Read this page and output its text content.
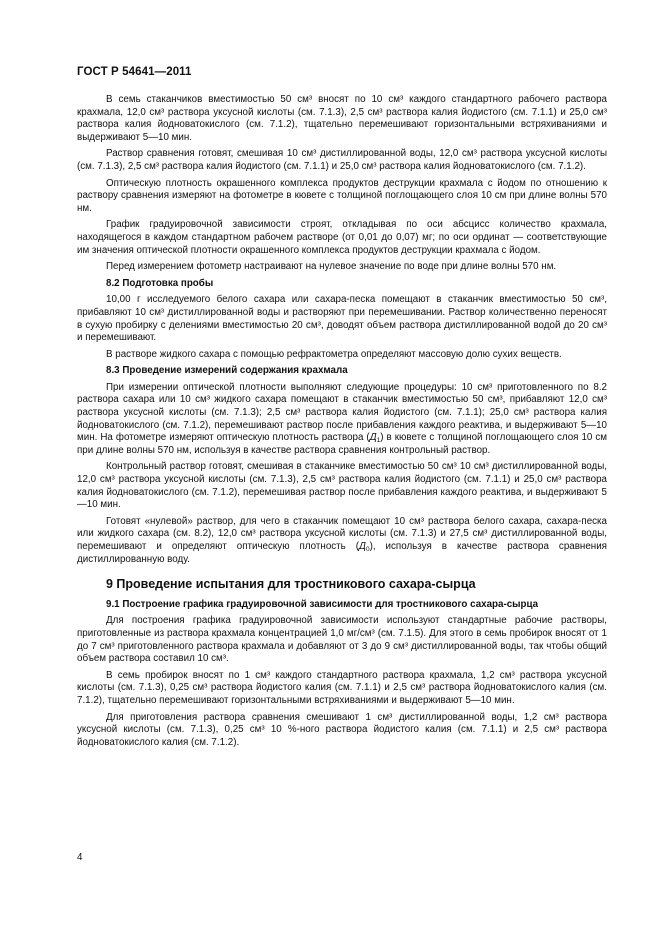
ГОСТ Р 54641—2011

В семь стаканчиков вместимостью 50 см³ вносят по 10 см³ каждого стандартного рабочего раствора крахмала, 12,0 см³ раствора уксусной кислоты (см. 7.1.3), 2,5 см³ раствора калия йодистого (см. 7.1.1) и 25,0 см³ раствора калия йодноватокислого (см. 7.1.2), тщательно перемешивают горизонтальными встряхиваниями и выдерживают 5—10 мин.

Раствор сравнения готовят, смешивая 10 см³ дистиллированной воды, 12,0 см³ раствора уксусной кислоты (см. 7.1.3), 2,5 см³ раствора калия йодистого (см. 7.1.1) и 25,0 см³ раствора калия йодноватокислого (см. 7.1.2).

Оптическую плотность окрашенного комплекса продуктов деструкции крахмала с йодом по отношению к раствору сравнения измеряют на фотометре в кювете с толщиной поглощающего слоя 10 см при длине волны 570 нм.

График градуировочной зависимости строят, откладывая по оси абсцисс количество крахмала, находящегося в каждом стандартном рабочем растворе (от 0,01 до 0,07) мг; по оси ординат — соответствующие им значения оптической плотности окрашенного комплекса продуктов деструкции крахмала с йодом.

Перед измерением фотометр настраивают на нулевое значение по воде при длине волны 570 нм.

8.2 Подготовка пробы

10,00 г исследуемого белого сахара или сахара-песка помещают в стаканчик вместимостью 50 см³, прибавляют 10 см³ дистиллированной воды и растворяют при перемешивании. Раствор количественно переносят в сухую пробирку с делениями вместимостью 20 см³, доводят объем раствора дистиллированной водой до 20 см³ и перемешивают.

В растворе жидкого сахара с помощью рефрактометра определяют массовую долю сухих веществ.

8.3 Проведение измерений содержания крахмала

При измерении оптической плотности выполняют следующие процедуры: 10 см³ приготовленного по 8.2 раствора сахара или 10 см³ жидкого сахара помещают в стаканчик вместимостью 50 см³, прибавляют 12,0 см³ раствора уксусной кислоты (см. 7.1.3); 2,5 см³ раствора калия йодистого (см. 7.1.1); 25,0 см³ раствора калия йодноватокислого (см. 7.1.2), перемешивают раствор после прибавления каждого реактива, и выдерживают 5—10 мин. На фотометре измеряют оптическую плотность раствора $(Д_1)$ в кювете с толщиной поглощающего слоя 10 см при длине волны 570 нм, используя в качестве раствора сравнения контрольный раствор.

Контрольный раствор готовят, смешивая в стаканчике вместимостью 50 см³ 10 см³ дистиллированной воды, 12,0 см³ раствора уксусной кислоты (см. 7.1.3), 2,5 см³ раствора калия йодистого (см. 7.1.1) и 25,0 см³ раствора калия йодноватокислого (см. 7.1.2), перемешивая раствор после прибавления каждого реактива, и выдерживают 5—10 мин.

Готовят «нулевой» раствор, для чего в стаканчик помещают 10 см³ раствора белого сахара, сахара-песка или жидкого сахара (см. 8.2), 12,0 см³ раствора уксусной кислоты (см. 7.1.3) и 27,5 см³ дистиллированной воды, перемешивают и определяют оптическую плотность $(Д_0)$, используя в качестве раствора сравнения дистиллированную воду.

9 Проведение испытания для тростникового сахара-сырца
9.1 Построение графика градуировочной зависимости для тростникового сахара-сырца

Для построения графика градуировочной зависимости используют стандартные рабочие растворы, приготовленные из раствора крахмала концентрацией 1,0 мг/см³ (см. 7.1.5). Для этого в семь пробирок вносят от 1 до 7 см³ приготовленного раствора крахмала и добавляют от 3 до 9 см³ дистиллированной воды, так чтобы общий объем раствора составил 10 см³.

В семь пробирок вносят по 1 см³ каждого стандартного раствора крахмала, 1,2 см³ раствора уксусной кислоты (см. 7.1.3), 0,25 см³ раствора йодистого калия (см. 7.1.1) и 2,5 см³ раствора йодноватокислого калия (см. 7.1.2), тщательно перемешивают горизонтальными встряхиваниями и выдерживают 5—10 мин.

Для приготовления раствора сравнения смешивают 1 см³ дистиллированной воды, 1,2 см³ раствора уксусной кислоты (см. 7.1.3), 0,25 см³ 10 %-ного раствора йодистого калия (см. 7.1.1) и 2,5 см³ раствора йодноватокислого калия (см. 7.1.2).

4
